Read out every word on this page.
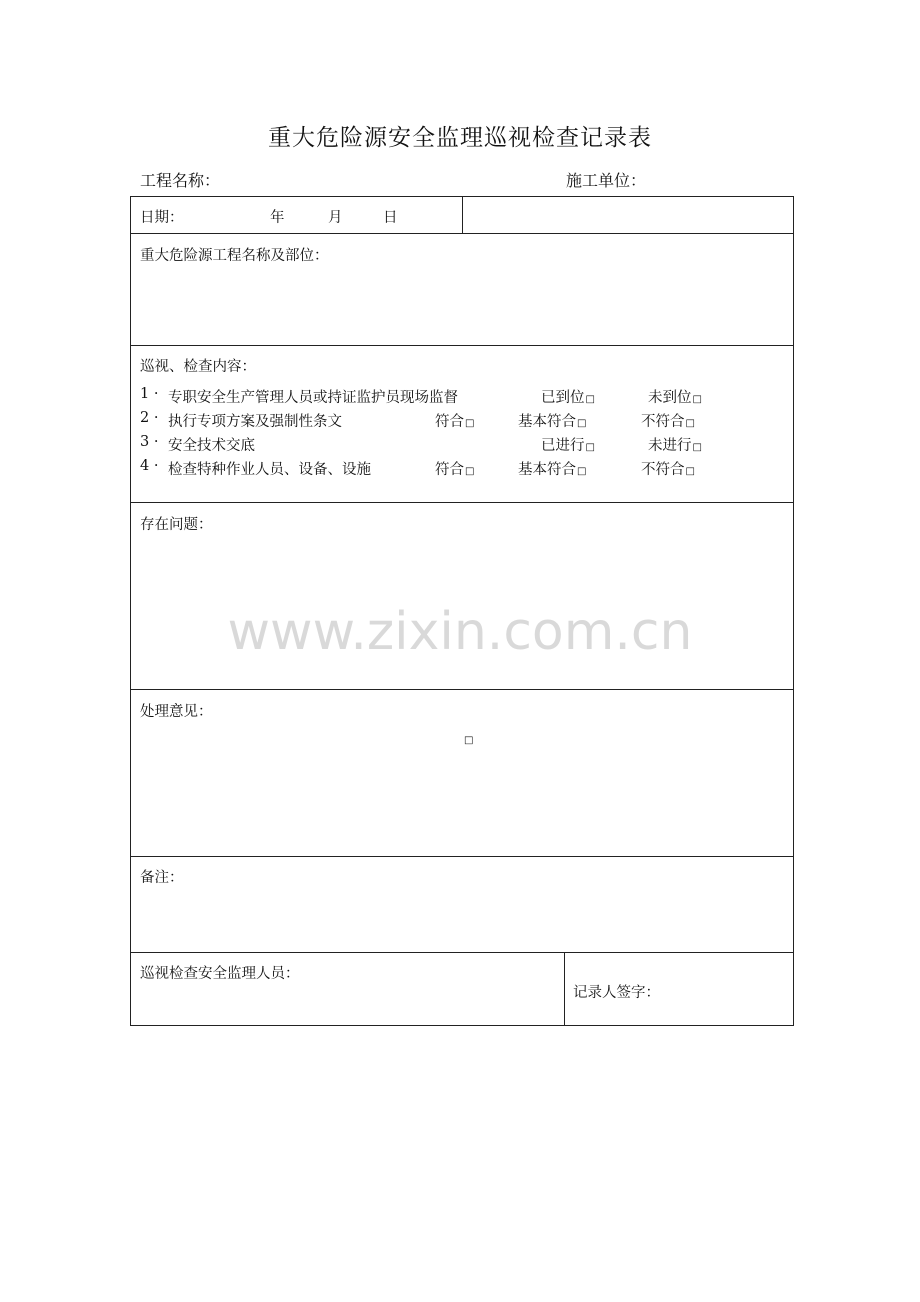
重大危险源安全监理巡视检查记录表
工程名称：	施工单位：
日期：	年	月	日
重大危险源工程名称及部位：
巡视、检查内容：
1 · 专职安全生产管理人员或持证监护员现场监督	已到位 □	未到位 □
2 · 执行专项方案及强制性条文	符合 □	基本符合 □	不符合 □
3 · 安全技术交底	已进行 □	未进行 □
4 · 检查特种作业人员、设备、设施	符合 □	基本符合 □	不符合 □
存在问题：
www.zixin.com.cn
处理意见：
□
备注：
巡视检查安全监理人员：
记录人签字：
